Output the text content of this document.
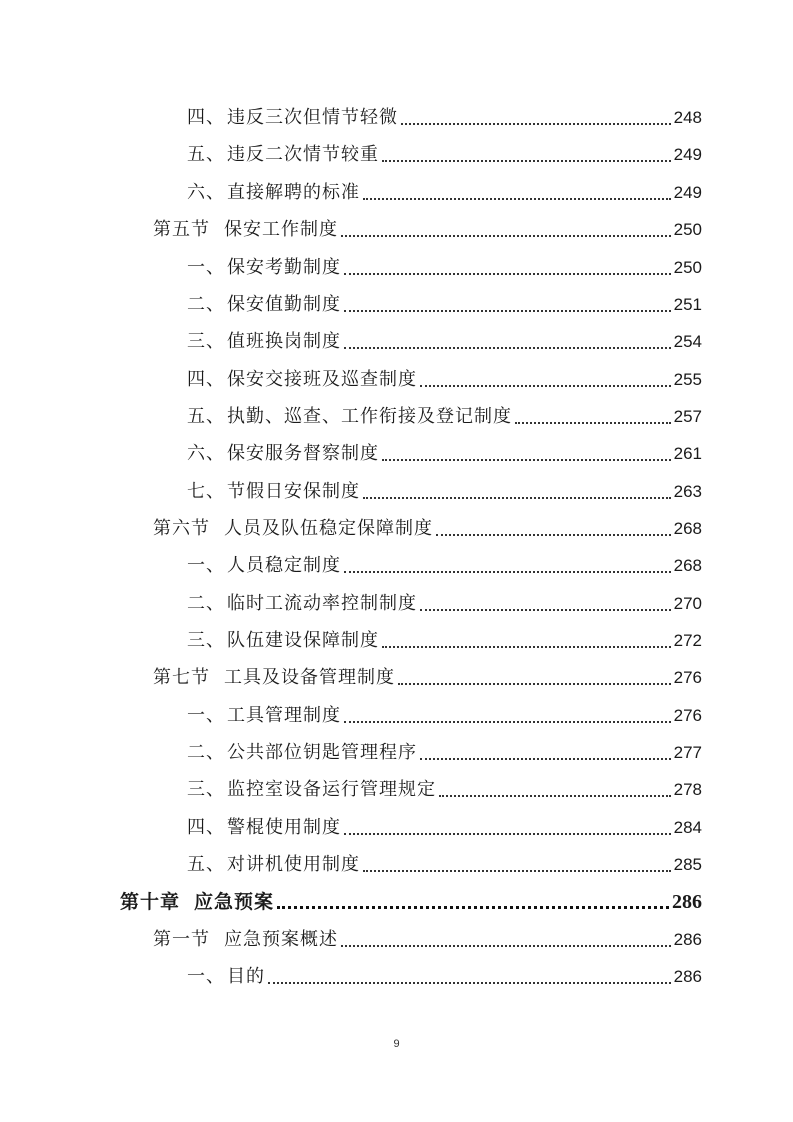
四、 违反三次但情节轻微	248
五、 违反二次情节较重	249
六、 直接解聘的标准	249
第五节 保安工作制度	250
一、 保安考勤制度	250
二、 保安值勤制度	251
三、 值班换岗制度	254
四、 保安交接班及巡查制度	255
五、 执勤、巡查、工作衔接及登记制度	257
六、 保安服务督察制度	261
七、 节假日安保制度	263
第六节 人员及队伍稳定保障制度	268
一、 人员稳定制度	268
二、 临时工流动率控制制度	270
三、 队伍建设保障制度	272
第七节 工具及设备管理制度	276
一、 工具管理制度	276
二、 公共部位钥匙管理程序	277
三、 监控室设备运行管理规定	278
四、 警棍使用制度	284
五、 对讲机使用制度	285
第十章 应急预案	286
第一节 应急预案概述	286
一、 目的	286
9
